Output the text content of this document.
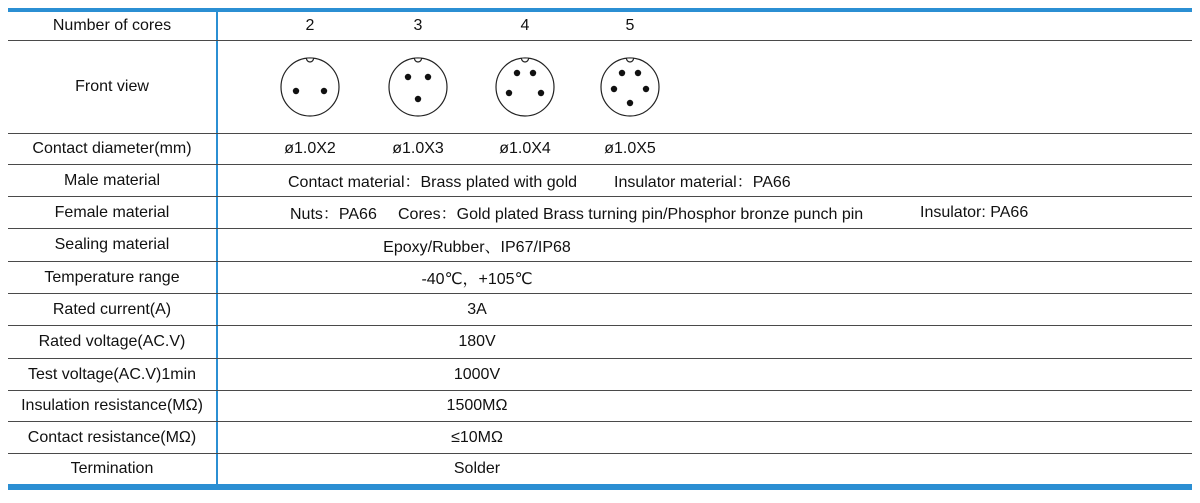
Number of cores	2	3	4	5
Front view
Contact diameter(mm)	ø1.0X2	ø1.0X3	ø1.0X4	ø1.0X5
Male material	Contact material：Brass plated with gold Insulator material：PA66
Female material	Nuts：PA66 Cores：Gold plated Brass turning pin/Phosphor bronze punch pin	Insulator: PA66
Sealing material	Epoxy/Rubber、IP67/IP68
Temperature range	-40℃，+105℃
Rated current(A)	3A
Rated voltage(AC.V)	180V
Test voltage(AC.V)1min	1000V
Insulation resistance(MΩ)	1500MΩ
Contact resistance(MΩ)	≤10MΩ
Termination	Solder
